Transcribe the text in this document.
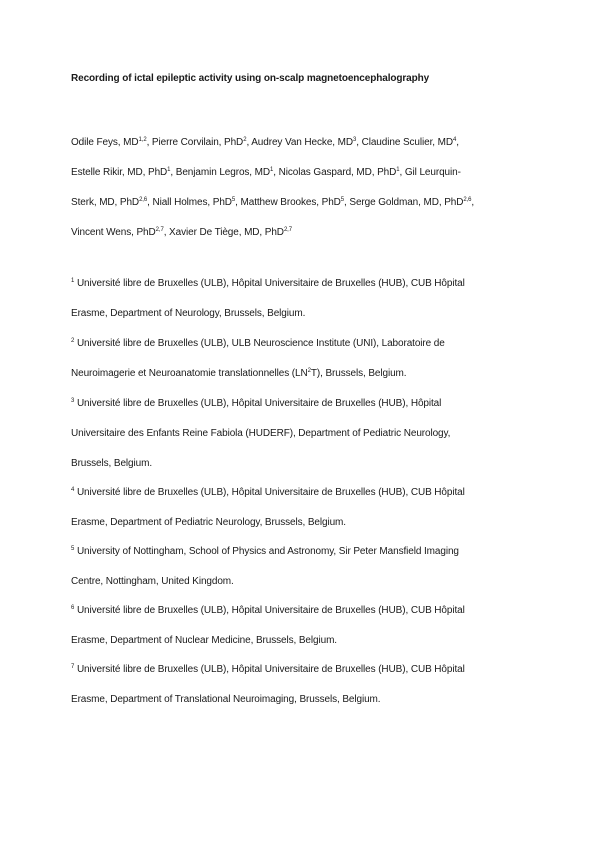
Recording of ictal epileptic activity using on-scalp magnetoencephalography
Odile Feys, MD$^{1,2}$, Pierre Corvilain, PhD$^2$, Audrey Van Hecke, $MD^3$, Claudine Sculier, $MD^4$,
Estelle Rikir, MD, PhD$^1$, Benjamin Legros, $MD^1$, Nicolas Gaspard, MD, PhD$^1$, Gil Leurquin-
Sterk, MD, PhD$^{2,6}$, Niall Holmes, PhD$^5$, Matthew Brookes, PhD$^5$, Serge Goldman, MD, PhD$^{2,6}$,
Vincent Wens, PhD$^{2,7}$, Xavier De Tiège, MD, PhD$^{2,7}$
$^1$ Université libre de Bruxelles (ULB), Hôpital Universitaire de Bruxelles (HUB), CUB Hôpital
Erasme, Department of Neurology, Brussels, Belgium.
$^2$ Université libre de Bruxelles (ULB), ULB Neuroscience Institute (UNI), Laboratoire de
Neuroimagerie et Neuroanatomie translationnelles $(LN^2T)$, Brussels, Belgium.
$^3$ Université libre de Bruxelles (ULB), Hôpital Universitaire de Bruxelles (HUB), Hôpital
Universitaire des Enfants Reine Fabiola (HUDERF), Department of Pediatric Neurology,
Brussels, Belgium.
$^4$ Université libre de Bruxelles (ULB), Hôpital Universitaire de Bruxelles (HUB), CUB Hôpital
Erasme, Department of Pediatric Neurology, Brussels, Belgium.
$^5$ University of Nottingham, School of Physics and Astronomy, Sir Peter Mansfield Imaging
Centre, Nottingham, United Kingdom.
$^6$ Université libre de Bruxelles (ULB), Hôpital Universitaire de Bruxelles (HUB), CUB Hôpital
Erasme, Department of Nuclear Medicine, Brussels, Belgium.
$^7$ Université libre de Bruxelles (ULB), Hôpital Universitaire de Bruxelles (HUB), CUB Hôpital
Erasme, Department of Translational Neuroimaging, Brussels, Belgium.
